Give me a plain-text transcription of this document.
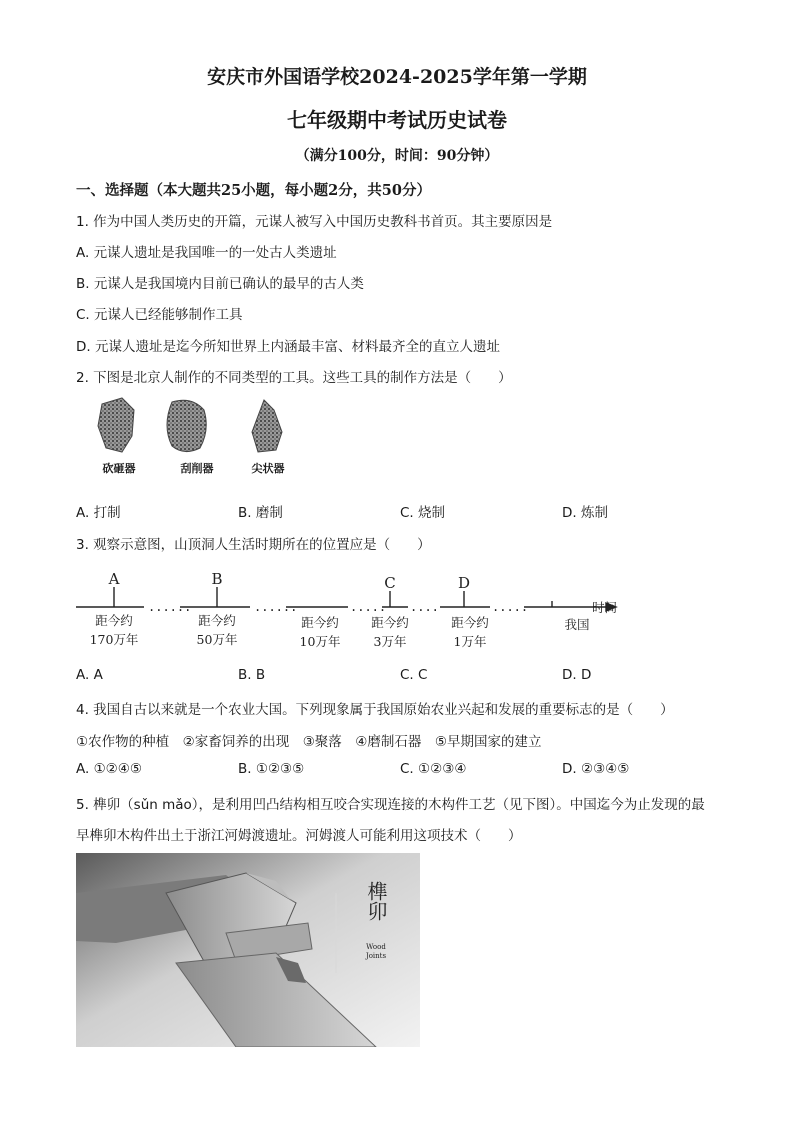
安庆市外国语学校2024-2025学年第一学期
七年级期中考试历史试卷
（满分100分，时间：90分钟）
一、选择题（本大题共25小题，每小题2分，共50分）
1. 作为中国人类历史的开篇，元谋人被写入中国历史教科书首页。其主要原因是
A. 元谋人遗址是我国唯一的一处古人类遗址
B. 元谋人是我国境内目前已确认的最早的古人类
C. 元谋人已经能够制作工具
D. 元谋人遗址是迄今所知世界上内涵最丰富、材料最齐全的直立人遗址
2. 下图是北京人制作的不同类型的工具。这些工具的制作方法是（　　）
砍砸器	刮削器	尖状器
A. 打制	B. 磨制	C. 烧制	D. 炼制
3. 观察示意图，山顶洞人生活时期所在的位置应是（　　）
......	......	..... ....	.....
A	B	C	D
距今约	距今约	距今约	距今约	距今约
170万年	50万年	10万年	3万年	1万年
我国
时间
A. A	B. B	C. C	D. D
4. 我国自古以来就是一个农业大国。下列现象属于我国原始农业兴起和发展的重要标志的是（　　）
①农作物的种植　②家畜饲养的出现　③聚落　④磨制石器　⑤早期国家的建立
A. ①②④⑤	B. ①②③⑤	C. ①②③④	D. ②③④⑤
5. 榫卯（sǔn mǎo），是利用凹凸结构相互咬合实现连接的木构件工艺（见下图）。中国迄今为止发现的最
早榫卯木构件出土于浙江河姆渡遗址。河姆渡人可能利用这项技术（　　）
榫卯
Wood
Joints
